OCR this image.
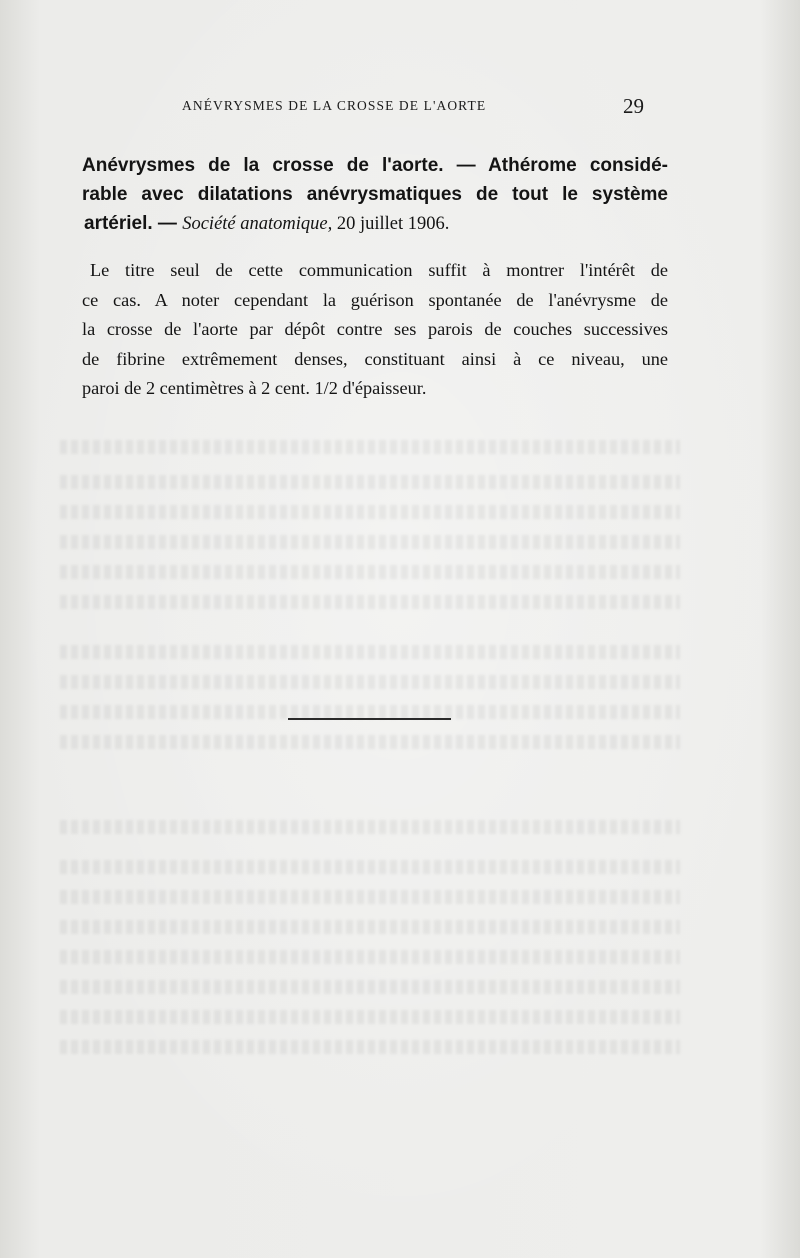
ANÉVRYSMES DE LA CROSSE DE L'AORTE	29
Anévrysmes de la crosse de l'aorte. — Athérome considé-
rable avec dilatations anévrysmatiques de tout le système
artériel. — Société anatomique, 20 juillet 1906.
Le titre seul de cette communication suffit à montrer l'intérêt de
ce cas. A noter cependant la guérison spontanée de l'anévrysme de
la crosse de l'aorte par dépôt contre ses parois de couches successives
de fibrine extrêmement denses, constituant ainsi à ce niveau, une
paroi de 2 centimètres à 2 cent. 1/2 d'épaisseur.
